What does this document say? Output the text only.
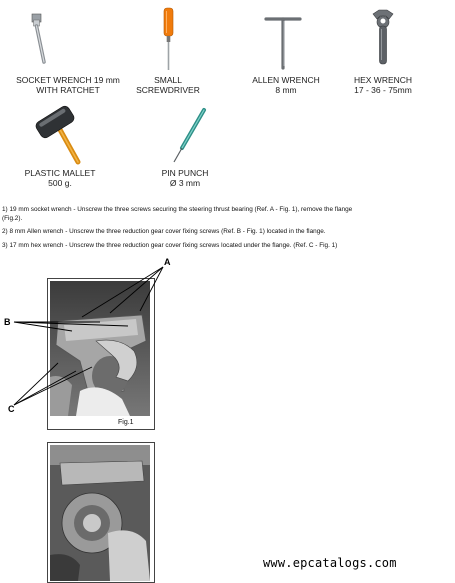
SOCKET WRENCH 19 mm
WITH RATCHET
SMALL
SCREWDRIVER
ALLEN WRENCH
8 mm
HEX WRENCH
17 - 36 - 75mm
PLASTIC MALLET
500 g.
PIN PUNCH
Ø 3 mm
1) 19 mm socket wrench - Unscrew the three screws securing the steering thrust bearing (Ref. A - Fig. 1), remove the flange
(Fig.2).
2) 8 mm Allen wrench - Unscrew the three reduction gear cover fixing screws (Ref. B - Fig. 1) located in the flange.
3) 17 mm hex wrench - Unscrew the three reduction gear cover fixing screws located under the flange. (Ref. C - Fig. 1)
Fig.1
A
B
C
www.epcatalogs.com
